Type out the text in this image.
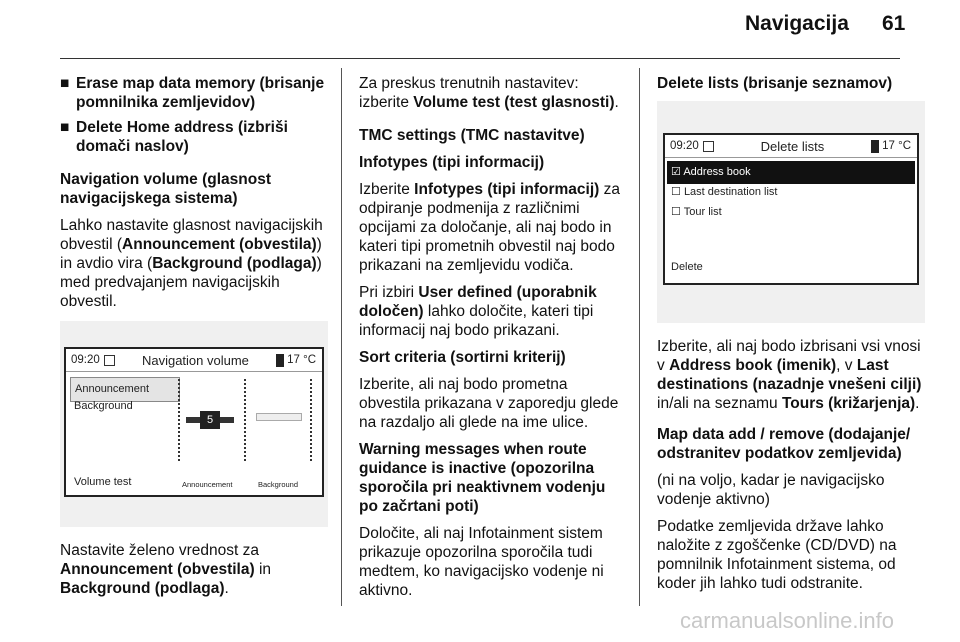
Navigacija 61
■ Erase map data memory (brisanje pomnilnika zemljevidov)
■ Delete Home address (izbriši domači naslov)

Navigation volume (glasnost navigacijskega sistema)

Lahko nastavite glasnost navigacijskih obvestil (Announcement (obvestila)) in avdio vira (Background (podlaga)) med predvajanjem navigacijskih obvestil.

09:20	Navigation volume	17 °C
Announcement
Background
Volume test
5
Announcement	Background

Nastavite želeno vrednost za Announcement (obvestila) in Background (podlaga).

Za preskus trenutnih nastavitev: izberite Volume test (test glasnosti).

TMC settings (TMC nastavitve)

Infotypes (tipi informacij)

Izberite Infotypes (tipi informacij) za odpiranje podmenija z različnimi opcijami za določanje, ali naj bodo in kateri tipi prometnih obvestil naj bodo prikazani na zemljevidu vodiča.

Pri izbiri User defined (uporabnik določen) lahko določite, kateri tipi informacij naj bodo prikazani.

Sort criteria (sortirni kriterij)

Izberite, ali naj bodo prometna obvestila prikazana v zaporedju glede na razdaljo ali glede na ime ulice.

Warning messages when route guidance is inactive (opozorilna sporočila pri neaktivnem vodenju po začrtani poti)

Določite, ali naj Infotainment sistem prikazuje opozorilna sporočila tudi medtem, ko navigacijsko vodenje ni aktivno.

Delete lists (brisanje seznamov)

09:20	Delete lists	17 °C
☑ Address book
☐ Last destination list
☐ Tour list
Delete

Izberite, ali naj bodo izbrisani vsi vnosi v Address book (imenik), v Last destinations (nazadnje vnešeni cilji) in/ali na seznamu Tours (križarjenja).

Map data add / remove (dodajanje/ odstranitev podatkov zemljevida)

(ni na voljo, kadar je navigacijsko vodenje aktivno)

Podatke zemljevida države lahko naložite z zgoščenke (CD/DVD) na pomnilnik Infotainment sistema, od koder jih lahko tudi odstranite.

carmanualsonline.info
